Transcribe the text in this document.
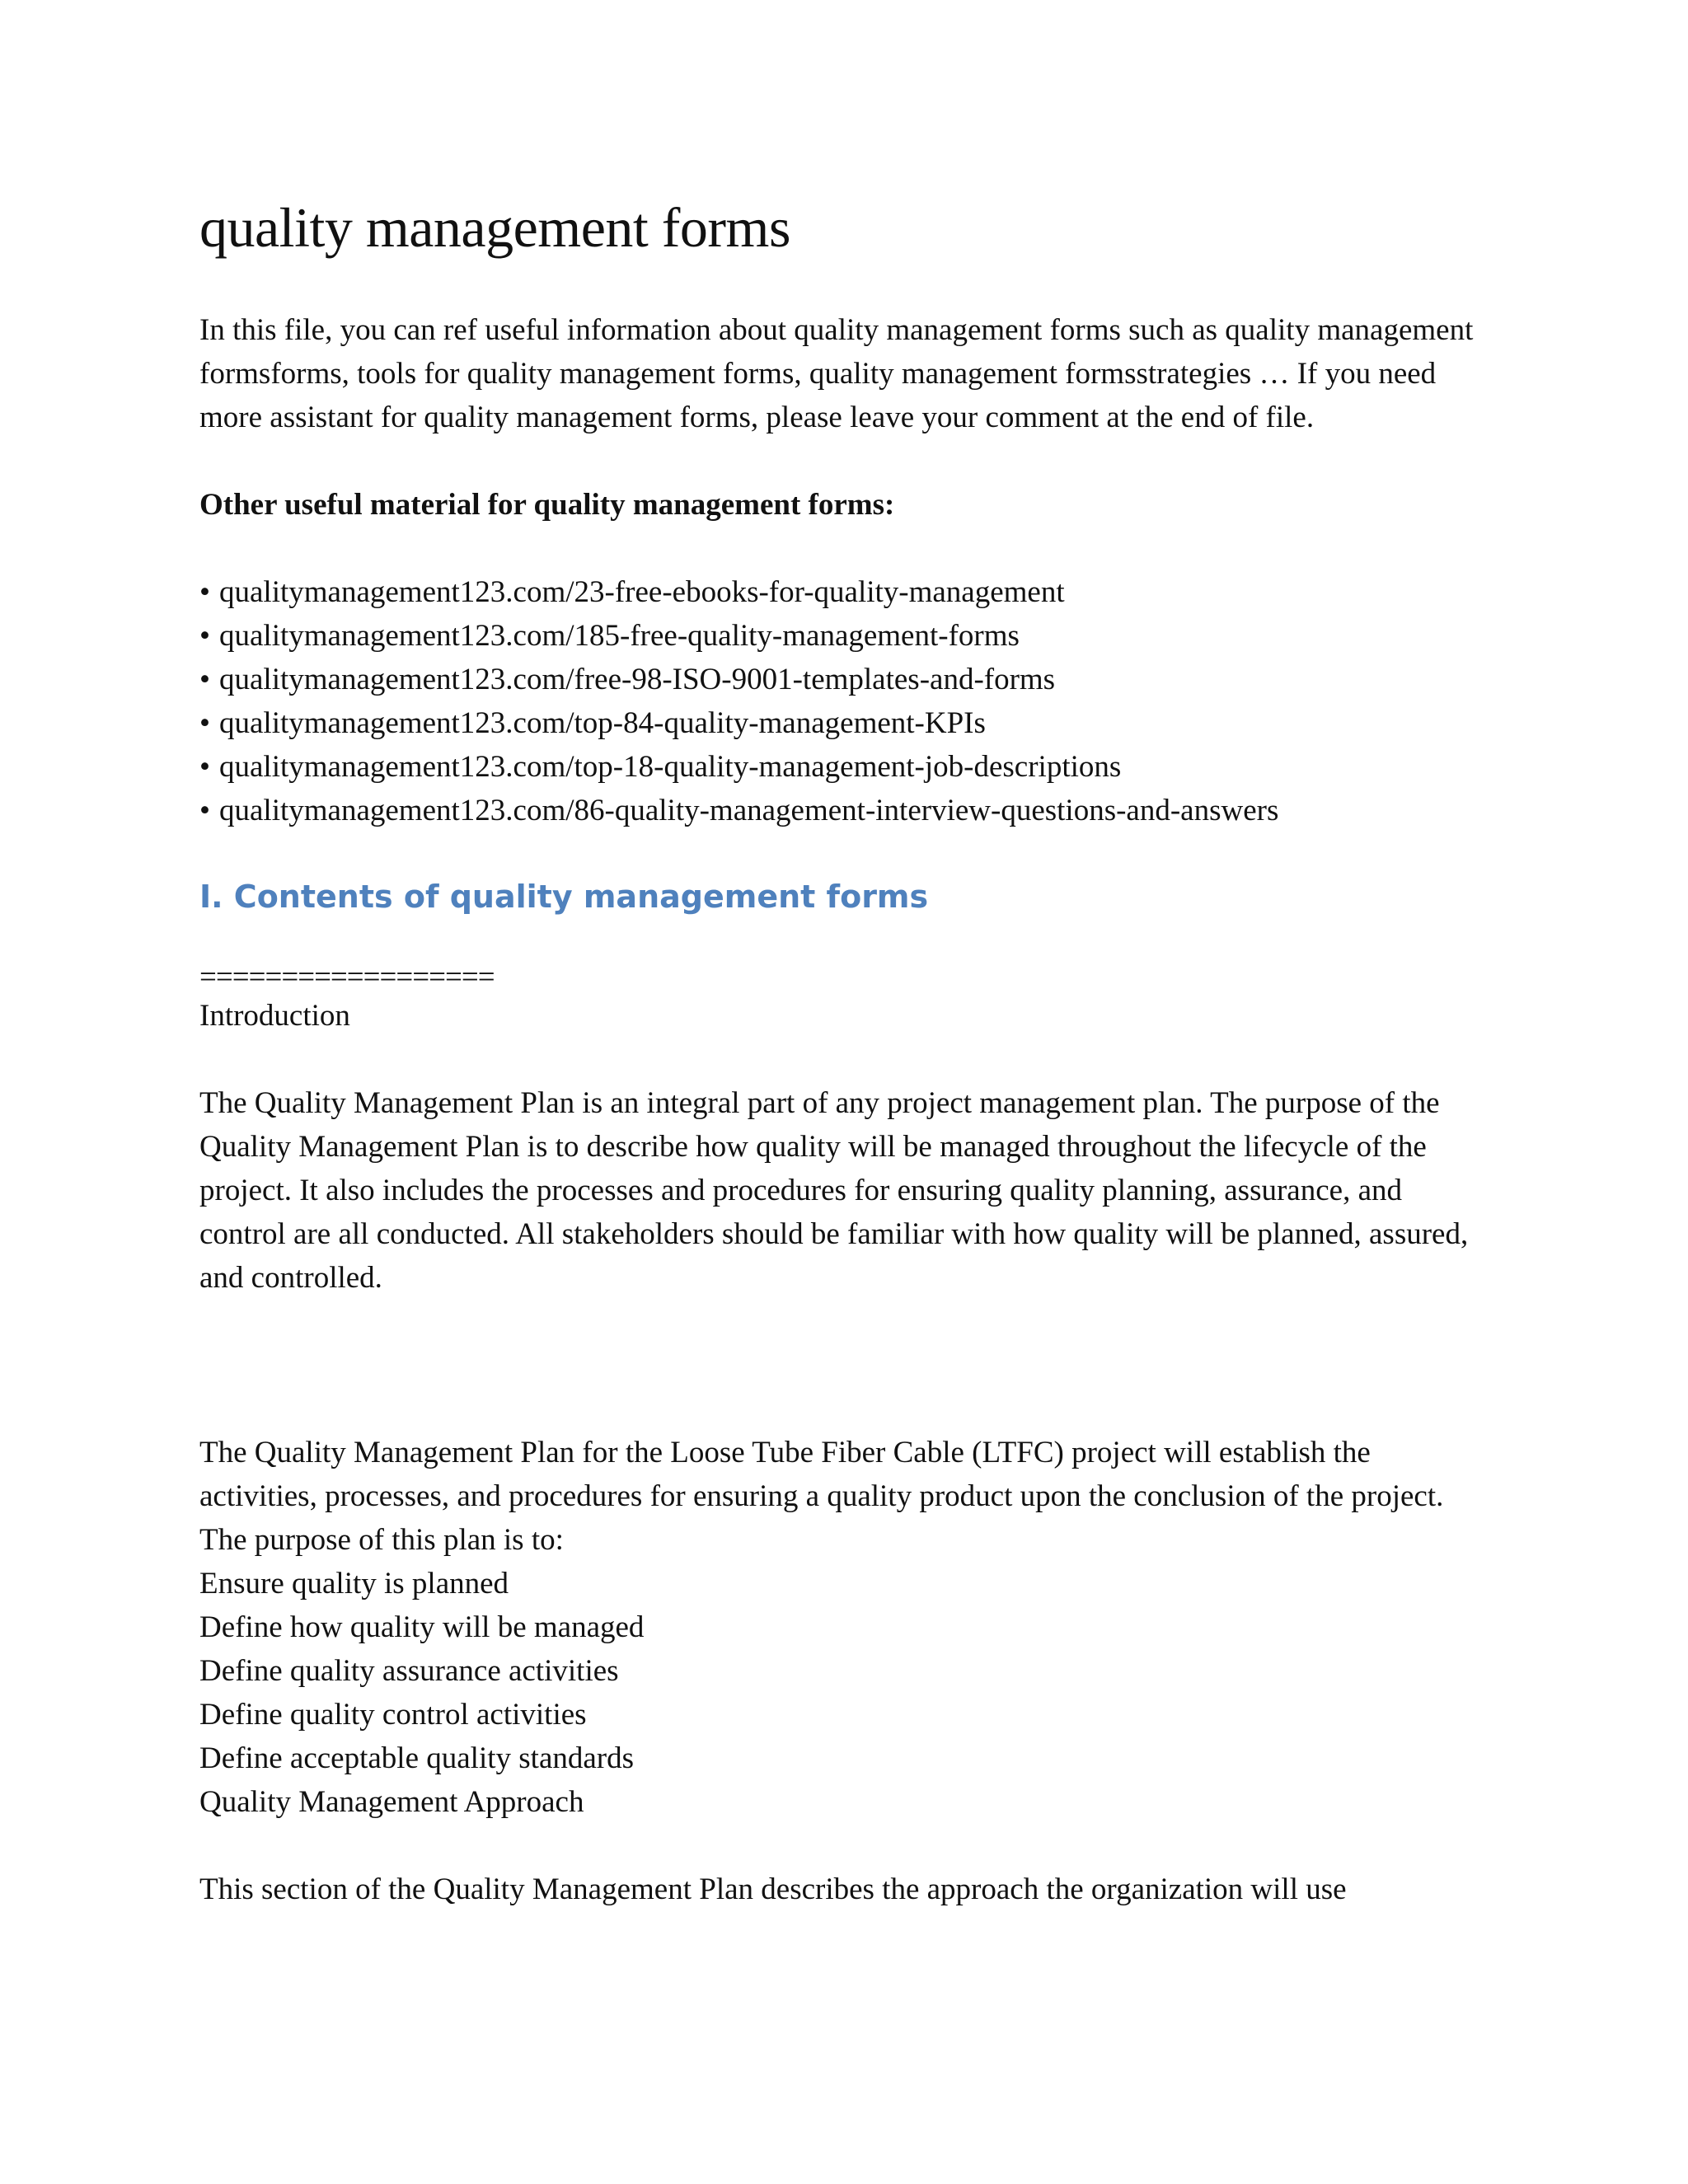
quality management forms

In this file, you can ref useful information about quality management forms such as quality management formsforms, tools for quality management forms, quality management formsstrategies … If you need more assistant for quality management forms, please leave your comment at the end of file.

Other useful material for quality management forms:

• qualitymanagement123.com/23-free-ebooks-for-quality-management
• qualitymanagement123.com/185-free-quality-management-forms
• qualitymanagement123.com/free-98-ISO-9001-templates-and-forms
• qualitymanagement123.com/top-84-quality-management-KPIs
• qualitymanagement123.com/top-18-quality-management-job-descriptions
• qualitymanagement123.com/86-quality-management-interview-questions-and-answers
I. Contents of quality management forms
==================

Introduction

The Quality Management Plan is an integral part of any project management plan. The purpose of the Quality Management Plan is to describe how quality will be managed throughout the lifecycle of the project. It also includes the processes and procedures for ensuring quality planning, assurance, and control are all conducted. All stakeholders should be familiar with how quality will be planned, assured, and controlled.

The Quality Management Plan for the Loose Tube Fiber Cable (LTFC) project will establish the activities, processes, and procedures for ensuring a quality product upon the conclusion of the project. The purpose of this plan is to:

Ensure quality is planned

Define how quality will be managed

Define quality assurance activities

Define quality control activities

Define acceptable quality standards

Quality Management Approach

This section of the Quality Management Plan describes the approach the organization will use
